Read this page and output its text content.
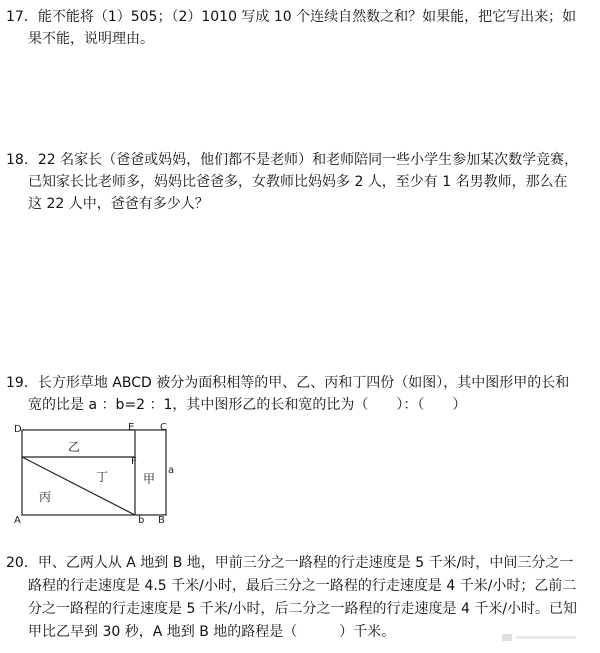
17．能不能将（1）505；（2）1010 写成 10 个连续自然数之和？如果能，把它写出来；如

果不能，说明理由。

18．22 名家长（爸爸或妈妈，他们都不是老师）和老师陪同一些小学生参加某次数学竞赛，

已知家长比老师多，妈妈比爸爸多，女教师比妈妈多 2 人，至少有 1 名男教师，那么在

这 22 人中，爸爸有多少人？

19．长方形草地 ABCD 被分为面积相等的甲、乙、丙和丁四份（如图），其中图形甲的长和

宽的比是 a ：b=2 ：1，其中图形乙的长和宽的比为（　　）：（　　）

D	E	C
F
A	B
b
a
乙
丁	甲
丙

20．甲、乙两人从 A 地到 B 地，甲前三分之一路程的行走速度是 5 千米/时，中间三分之一

路程的行走速度是 4.5 千米/小时，最后三分之一路程的行走速度是 4 千米/小时；乙前二

分之一路程的行走速度是 5 千米/小时，后二分之一路程的行走速度是 4 千米/小时。已知

甲比乙早到 30 秒，A 地到 B 地的路程是（　　　）千米。
